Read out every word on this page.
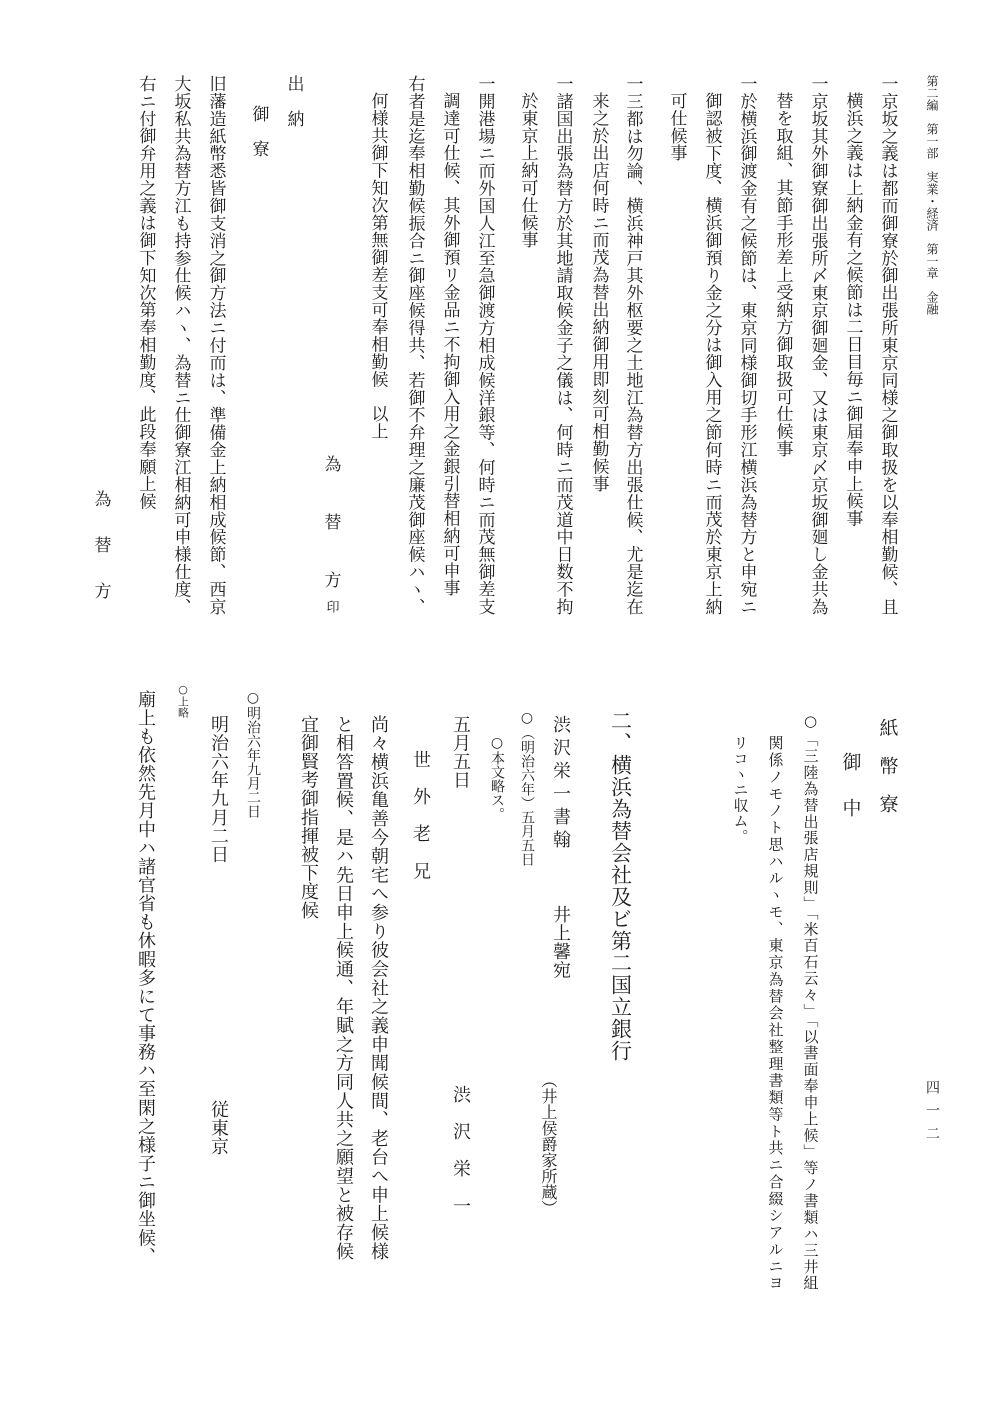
第二編　第一部　実業・経済　第一章　金融
四一二
一京坂之義は都而御寮於御出張所東京同様之御取扱を以奉相勤候、且
横浜之義は上納金有之候節は二日目毎ニ御届奉申上候事
一京坂其外御寮御出張所〆東京御廻金、又は東京〆京坂御廻し金共為
替を取組、其節手形差上受納方御取扱可仕候事
一於横浜御渡金有之候節は、東京同様御切手形江横浜為替方と申宛ニ
御認被下度、横浜御預り金之分は御入用之節何時ニ而茂於東京上納
可仕候事
一三都は勿論、横浜神戸其外枢要之土地江為替方出張仕候、尤是迄在
来之於出店何時ニ而茂為替出納御用即刻可相勤候事
一諸国出張為替方於其地請取候金子之儀は、何時ニ而茂道中日数不拘
於東京上納可仕候事
一開港場ニ而外国人江至急御渡方相成候洋銀等、何時ニ而茂無御差支
調達可仕候、其外御預リ金品ニ不拘御入用之金銀引替相納可申事
右者是迄奉相勤候振合ニ御座候得共、若御不弁理之廉茂御座候ハヽ、
何様共御下知次第無御差支可奉相勤候　以上
為　替　方印
出　納
御　寮
旧藩造紙幣悉皆御支消之御方法ニ付而は、準備金上納相成候節、西京
大坂私共為替方江も持参仕候ハヽ、為替ニ仕御寮江相納可申様仕度、
右ニ付御弁用之義は御下知次第奉相勤度、此段奉願上候
為　替　方
紙　幣　寮
御　中
○「三陸為替出張店規則」「米百石云々」「以書面奉申上候」等ノ書類ハ三井組
関係ノモノト思ハルヽモ、東京為替会社整理書類等ト共ニ合綴シアルニヨ
リコヽニ収ム。
二、横浜為替会社及ビ第二国立銀行
渋沢栄一書翰
井上馨宛
（井上侯爵家所蔵）
○（明治六年）五月五日
○本文略ス。
五月五日
渋　沢　栄　一
世　外　老　兄
尚々横浜亀善今朝宅へ参り彼会社之義申聞候間、老台へ申上候様
と相答置候、是ハ先日申上候通、年賦之方同人共之願望と被存候
宜御賢考御指揮被下度候
○明治六年九月二日
明治六年九月二日
従東京
○上略
廟上も依然先月中ハ諸官省も休暇多にて事務ハ至閑之様子ニ御坐候、
